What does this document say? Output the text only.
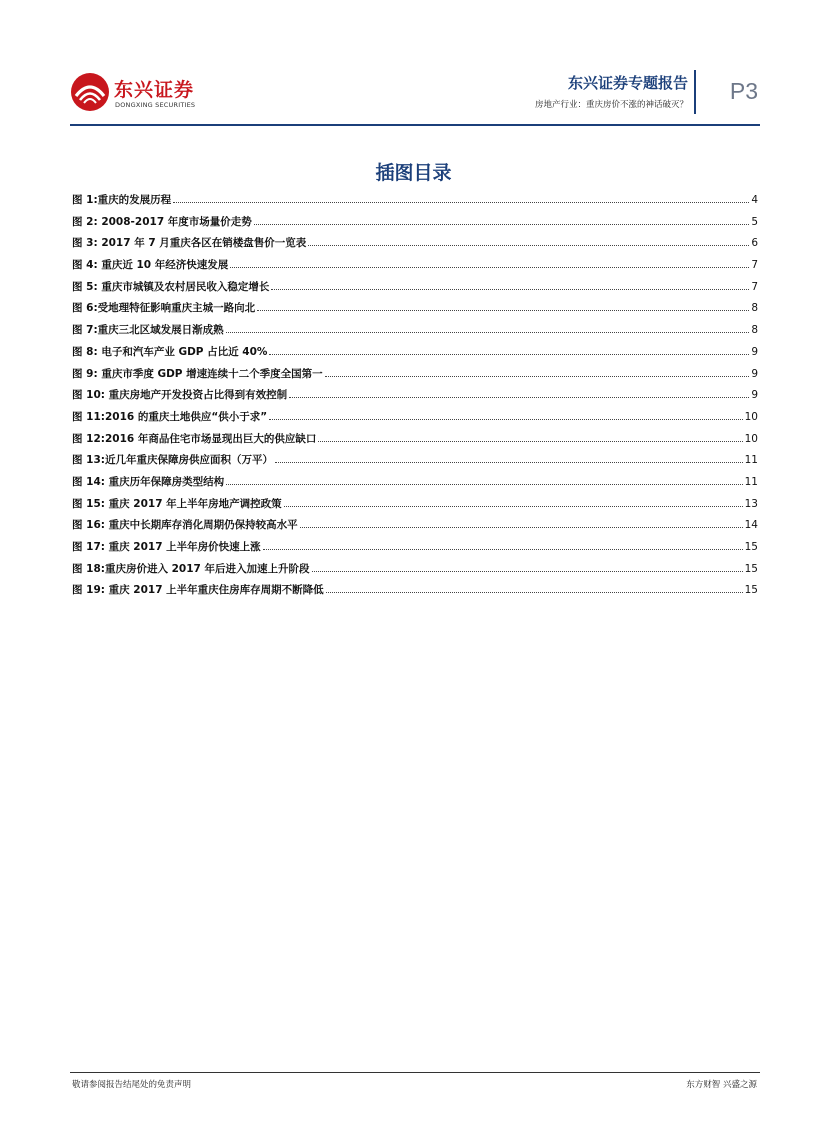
东兴证券
DONGXING SECURITIES
东兴证券专题报告
房地产行业：重庆房价不涨的神话破灭？
P3
插图目录
图 1:重庆的发展历程	4
图 2: 2008-2017 年度市场量价走势	5
图 3: 2017 年 7 月重庆各区在销楼盘售价一览表	6
图 4: 重庆近 10 年经济快速发展	7
图 5: 重庆市城镇及农村居民收入稳定增长	7
图 6:受地理特征影响重庆主城一路向北	8
图 7:重庆三北区域发展日渐成熟	8
图 8: 电子和汽车产业 GDP 占比近 40%	9
图 9: 重庆市季度 GDP 增速连续十二个季度全国第一	9
图 10: 重庆房地产开发投资占比得到有效控制	9
图 11:2016 的重庆土地供应“供小于求”	10
图 12:2016 年商品住宅市场显现出巨大的供应缺口	10
图 13:近几年重庆保障房供应面积（万平）	11
图 14: 重庆历年保障房类型结构	11
图 15: 重庆 2017 年上半年房地产调控政策	13
图 16: 重庆中长期库存消化周期仍保持较高水平	14
图 17: 重庆 2017 上半年房价快速上涨	15
图 18:重庆房价进入 2017 年后进入加速上升阶段	15
图 19: 重庆 2017 上半年重庆住房库存周期不断降低	15
敬请参阅报告结尾处的免责声明	东方财智 兴盛之源
